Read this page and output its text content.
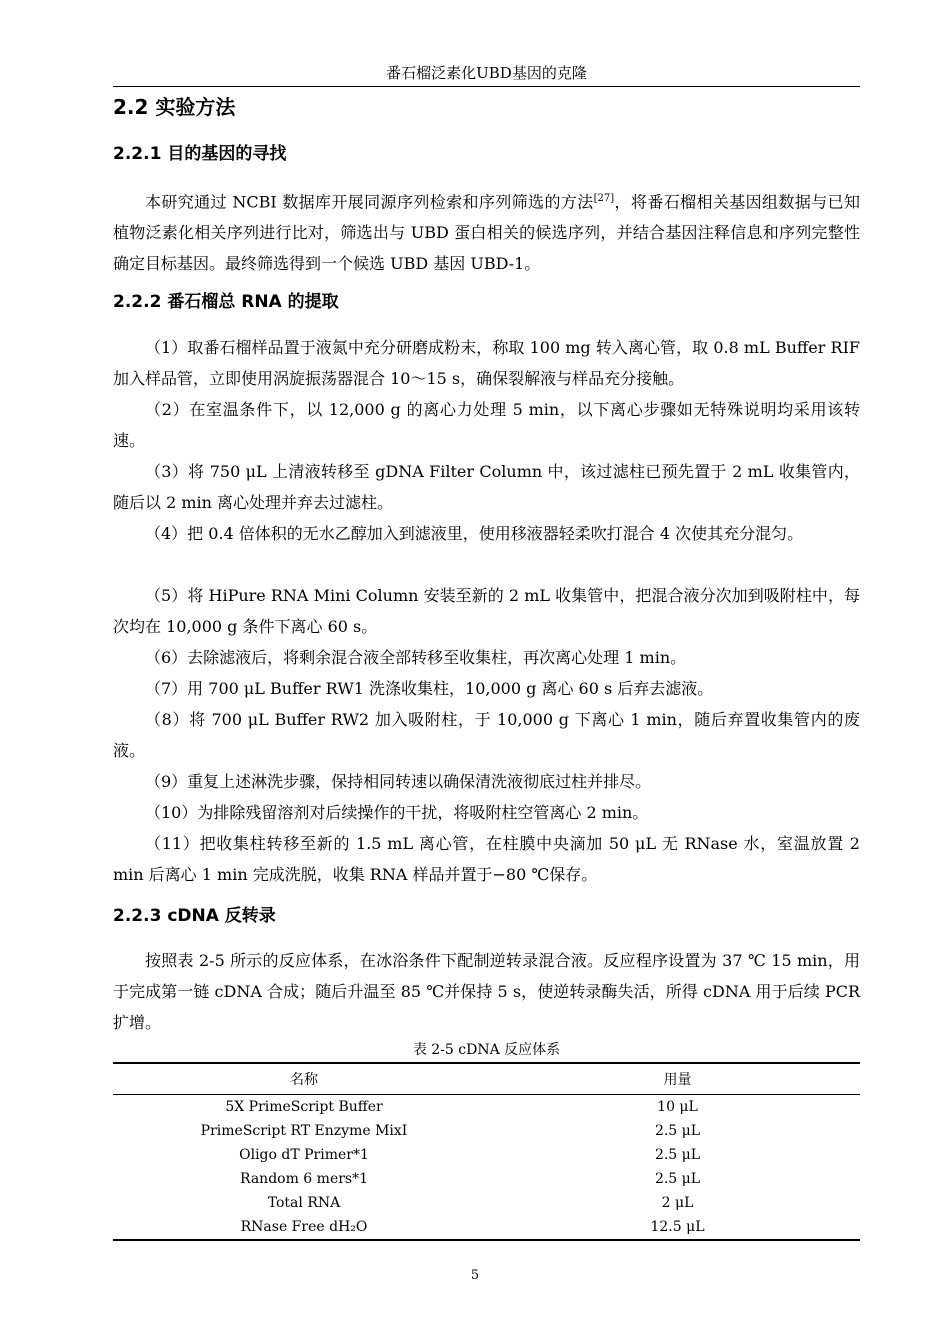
番石榴泛素化UBD基因的克隆
2.2 实验方法
2.2.1 目的基因的寻找

本研究通过 NCBI 数据库开展同源序列检索和序列筛选的方法[27]，将番石榴相关基因组数据与已知植物泛素化相关序列进行比对，筛选出与 UBD 蛋白相关的候选序列，并结合基因注释信息和序列完整性确定目标基因。最终筛选得到一个候选 UBD 基因 UBD-1。

2.2.2 番石榴总 RNA 的提取

（1）取番石榴样品置于液氮中充分研磨成粉末，称取 100 mg 转入离心管，取 0.8 mL Buffer RIF 加入样品管，立即使用涡旋振荡器混合 10～15 s，确保裂解液与样品充分接触。

（2）在室温条件下，以 12,000 g 的离心力处理 5 min，以下离心步骤如无特殊说明均采用该转速。

（3）将 750 μL 上清液转移至 gDNA Filter Column 中，该过滤柱已预先置于 2 mL 收集管内，随后以 2 min 离心处理并弃去过滤柱。

（4）把 0.4 倍体积的无水乙醇加入到滤液里，使用移液器轻柔吹打混合 4 次使其充分混匀。

（5）将 HiPure RNA Mini Column 安装至新的 2 mL 收集管中，把混合液分次加到吸附柱中，每次均在 10,000 g 条件下离心 60 s。

（6）去除滤液后，将剩余混合液全部转移至收集柱，再次离心处理 1 min。

（7）用 700 μL Buffer RW1 洗涤收集柱，10,000 g 离心 60 s 后弃去滤液。

（8）将 700 μL Buffer RW2 加入吸附柱，于 10,000 g 下离心 1 min，随后弃置收集管内的废液。

（9）重复上述淋洗步骤，保持相同转速以确保清洗液彻底过柱并排尽。

（10）为排除残留溶剂对后续操作的干扰，将吸附柱空管离心 2 min。

（11）把收集柱转移至新的 1.5 mL 离心管，在柱膜中央滴加 50 μL 无 RNase 水，室温放置 2 min 后离心 1 min 完成洗脱，收集 RNA 样品并置于−80 ℃保存。

2.2.3 cDNA 反转录

按照表 2-5 所示的反应体系，在冰浴条件下配制逆转录混合液。反应程序设置为 37 ℃ 15 min，用于完成第一链 cDNA 合成；随后升温至 85 ℃并保持 5 s，使逆转录酶失活，所得 cDNA 用于后续 PCR 扩增。

表 2-5 cDNA 反应体系
名称	用量
5X PrimeScript Buffer	10 μL
PrimeScript RT Enzyme MixI	2.5 μL
Oligo dT Primer*1	2.5 μL
Random 6 mers*1	2.5 μL
Total RNA	2 μL
RNase Free dH₂O	12.5 μL
5
